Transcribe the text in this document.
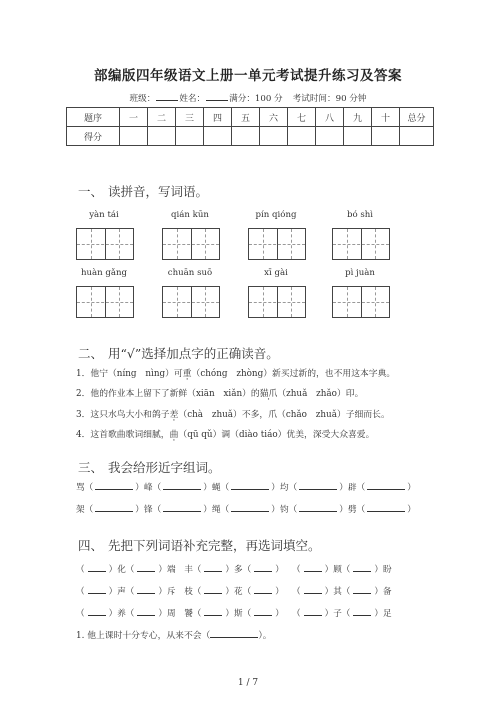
部编版四年级语文上册一单元考试提升练习及答案
班级：	姓名：	满分：100 分 考试时间：90 分钟
题序	一	二	三	四	五	六	七	八	九	十	总分
得分											
一、 读拼音，写词语。
yàn tái	qián kūn	pín qióng	bó shì
huàn gǎng	chuān suō	xī gài	pì juàn
二、 用“√”选择加点字的正确读音。
1．他宁（níng　nìng）可重（chóng　zhòng）新买过新的，也不用这本字典。
2．他的作业本上留下了新鲜（xiān　xiǎn）的猫爪（zhuǎ　zhǎo）印。
3．这只水鸟大小和鸽子差（chà　zhuǎ）不多，爪（chǎo　zhuǎ）子细而长。
4．这首歌曲歌词细腻，曲（qū qǔ）调（diào tiáo）优美，深受大众喜爱。
三、 我会给形近字组词。
骂（	）峰（	）蝇（	）均（	）辟（	）
架（	）锋（	）绳（	）钧（	）劈（	）
四、 先把下列词语补充完整，再选词填空。
（	）化（	）端　丰（	）多（	） （	）顾（	）盼
（	）声（	）斥　枝（	）花（	） （	）其（	）备
（	）养（	）周　饕（	）斯（	） （	）子（	）足
1. 他上课时十分专心，从来不会（	）。
1 / 7
